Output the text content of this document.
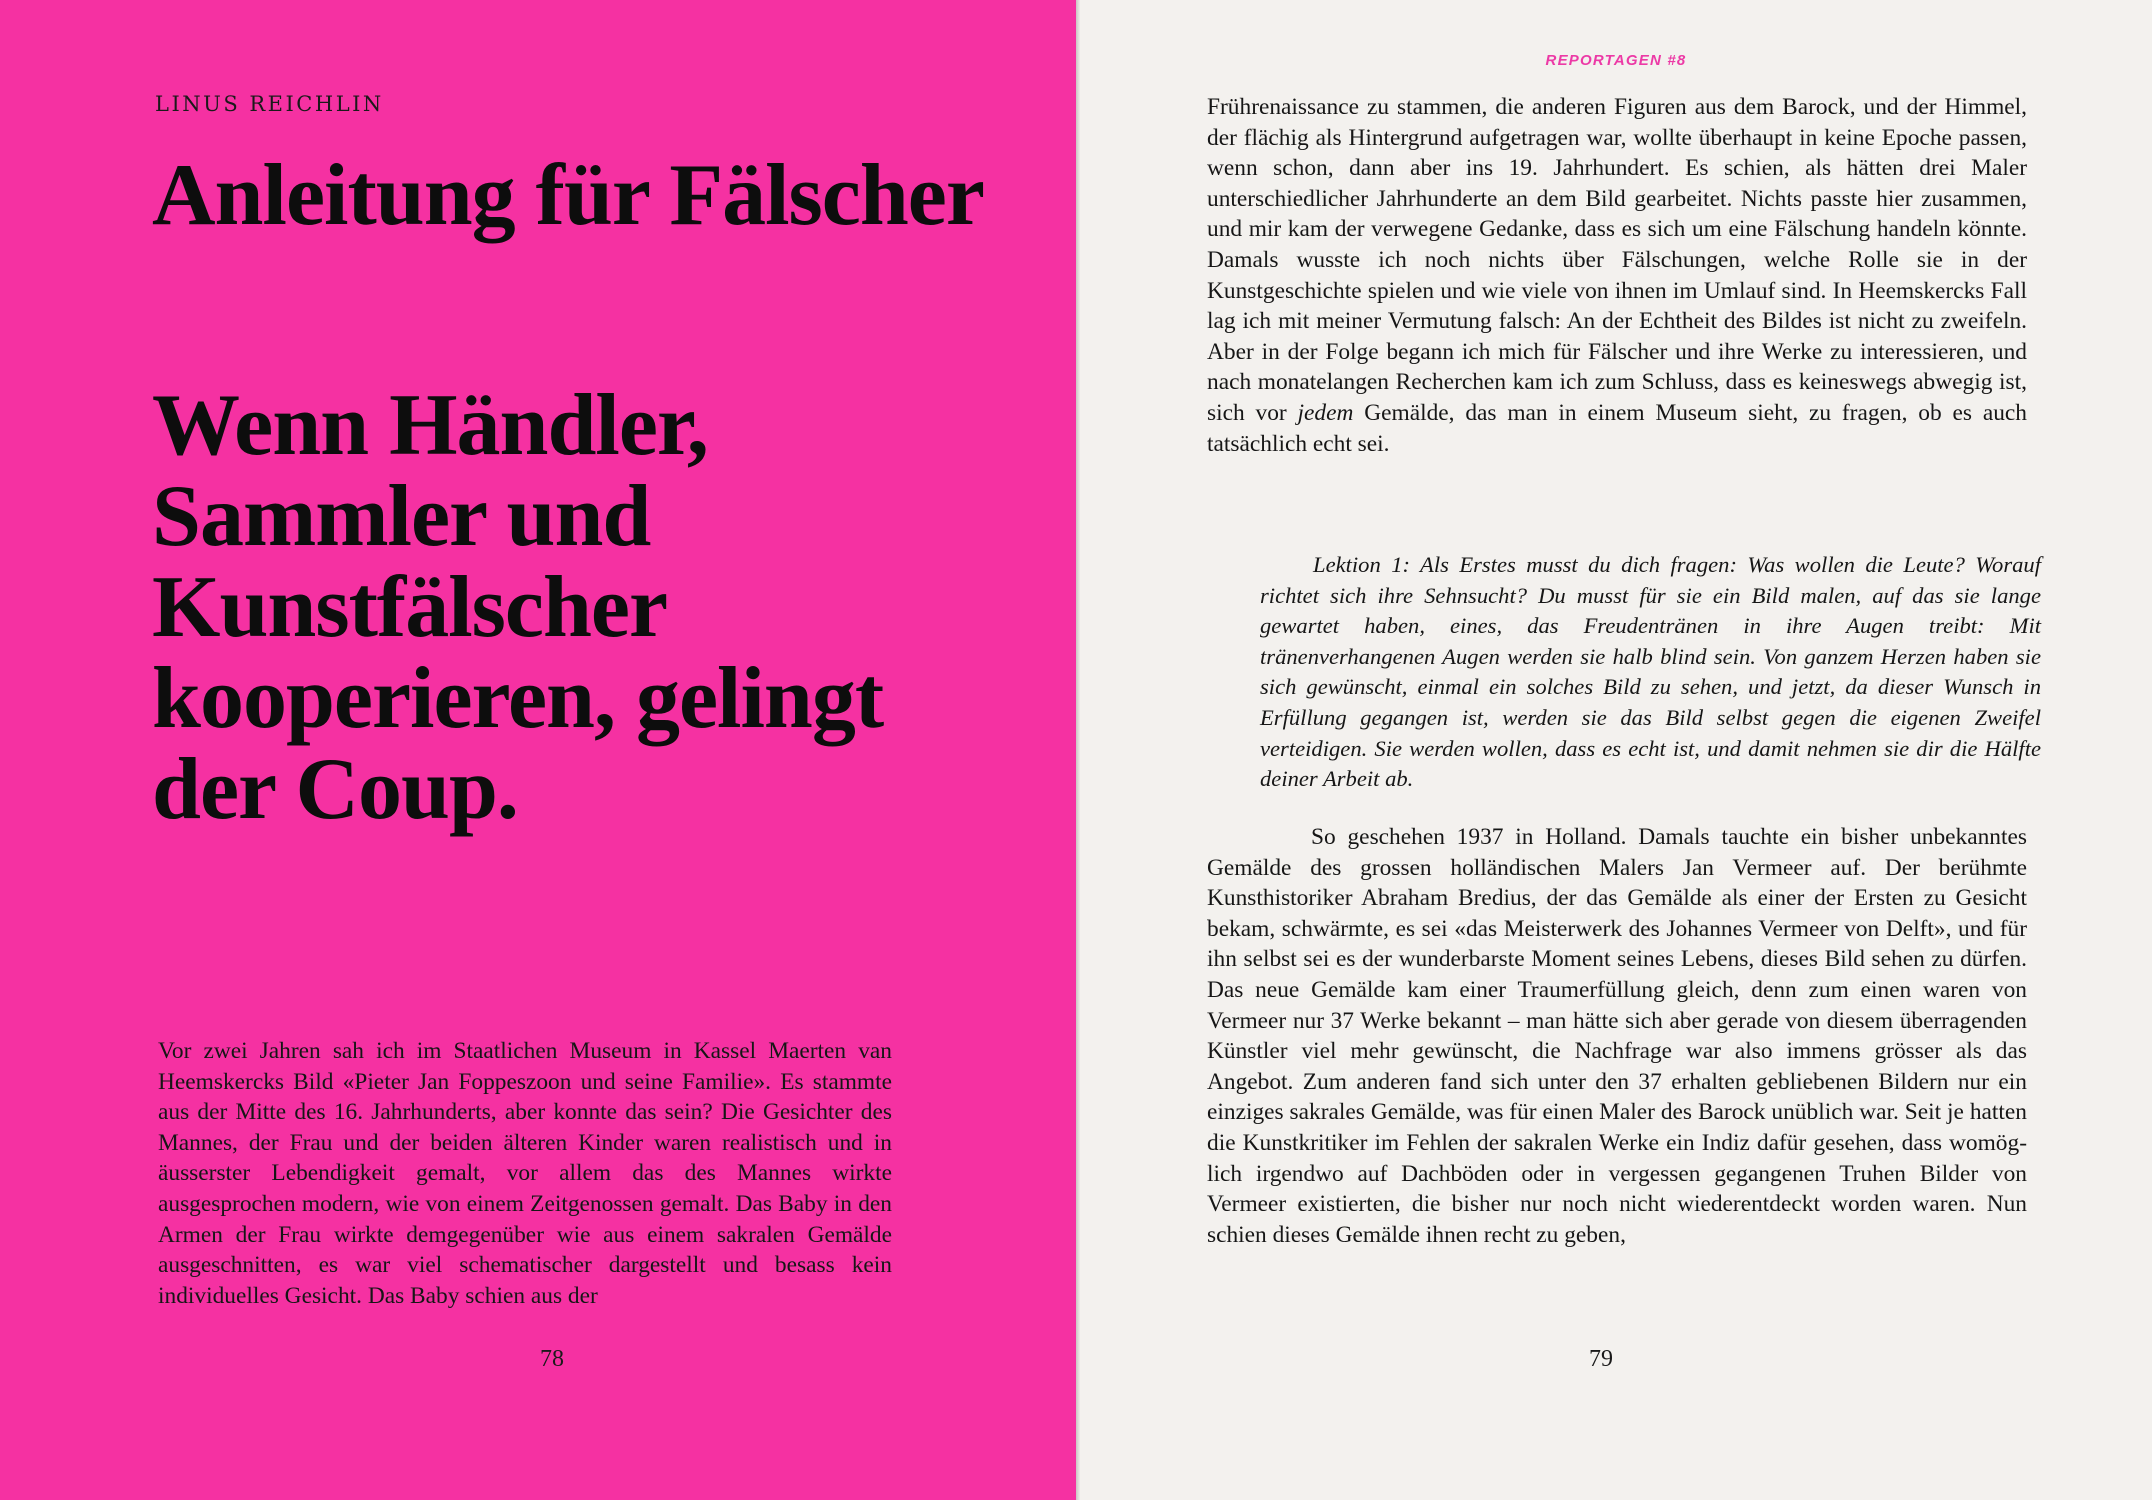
LINUS REICHLIN

Anleitung für Fälscher
Wenn Händler, Sammler und Kunstfälscher kooperieren, gelingt der Coup.

Vor zwei Jahren sah ich im Staatlichen Museum in Kassel Maerten van Heemskercks Bild «Pieter Jan Foppeszoon und seine Familie». Es stammte aus der Mitte des 16. Jahrhunderts, aber konnte das sein? Die Gesichter des Mannes, der Frau und der beiden älteren Kinder waren realistisch und in äusserster Lebendigkeit gemalt, vor allem das des Mannes wirkte ausgesprochen modern, wie von einem Zeitgenossen gemalt. Das Baby in den Armen der Frau wirkte demgegenüber wie aus einem sakralen Gemälde ausgeschnitten, es war viel schematischer dargestellt und besass kein individuelles Gesicht. Das Baby schien aus der

78

REPORTAGEN #8

Frührenaissance zu stammen, die anderen Figuren aus dem Barock, und der Himmel, der flächig als Hintergrund aufgetragen war, wollte überhaupt in keine Epoche passen, wenn schon, dann aber ins 19. Jahrhundert. Es schien, als hätten drei Maler unterschiedlicher Jahrhunderte an dem Bild gearbeitet. Nichts passte hier zusammen, und mir kam der verwegene Gedanke, dass es sich um eine Fälschung handeln könnte. Damals wusste ich noch nichts über Fälschungen, welche Rolle sie in der Kunstgeschichte spielen und wie viele von ihnen im Umlauf sind. In Heemskercks Fall lag ich mit meiner Vermutung falsch: An der Echtheit des Bildes ist nicht zu zweifeln. Aber in der Folge begann ich mich für Fälscher und ihre Werke zu interessieren, und nach monatelangen Recherchen kam ich zum Schluss, dass es keineswegs abwegig ist, sich vor jedem Gemälde, das man in einem Museum sieht, zu fragen, ob es auch tatsächlich echt sei.

Lektion 1: Als Erstes musst du dich fragen: Was wollen die Leute? Worauf richtet sich ihre Sehnsucht? Du musst für sie ein Bild malen, auf das sie lange gewartet haben, eines, das Freudentränen in ihre Augen treibt: Mit tränenverhangenen Augen werden sie halb blind sein. Von ganzem Herzen haben sie sich gewünscht, einmal ein solches Bild zu sehen, und jetzt, da dieser Wunsch in Erfüllung gegangen ist, werden sie das Bild selbst gegen die eigenen Zweifel verteidigen. Sie werden wollen, dass es echt ist, und damit nehmen sie dir die Hälfte deiner Arbeit ab.

So geschehen 1937 in Holland. Damals tauchte ein bisher unbekanntes Gemälde des grossen holländischen Malers Jan Vermeer auf. Der berühmte Kunsthistoriker Abraham Bredius, der das Gemälde als einer der Ersten zu Gesicht bekam, schwärmte, es sei «das Meisterwerk des Johannes Vermeer von Delft», und für ihn selbst sei es der wunderbarste Moment seines Lebens, dieses Bild sehen zu dürfen. Das neue Gemälde kam einer Traumerfüllung gleich, denn zum einen waren von Vermeer nur 37 Werke bekannt – man hätte sich aber gerade von diesem überragenden Künstler viel mehr gewünscht, die Nachfrage war also immens grösser als das Angebot. Zum anderen fand sich unter den 37 erhalten gebliebenen Bildern nur ein einziges sakrales Gemälde, was für einen Maler des Barock unüblich war. Seit je hatten die Kunstkritiker im Fehlen der sakralen Werke ein Indiz dafür gesehen, dass womöglich irgendwo auf Dachböden oder in vergessen gegangenen Truhen Bilder von Vermeer existierten, die bisher nur noch nicht wiederentdeckt worden waren. Nun schien dieses Gemälde ihnen recht zu geben,

79
